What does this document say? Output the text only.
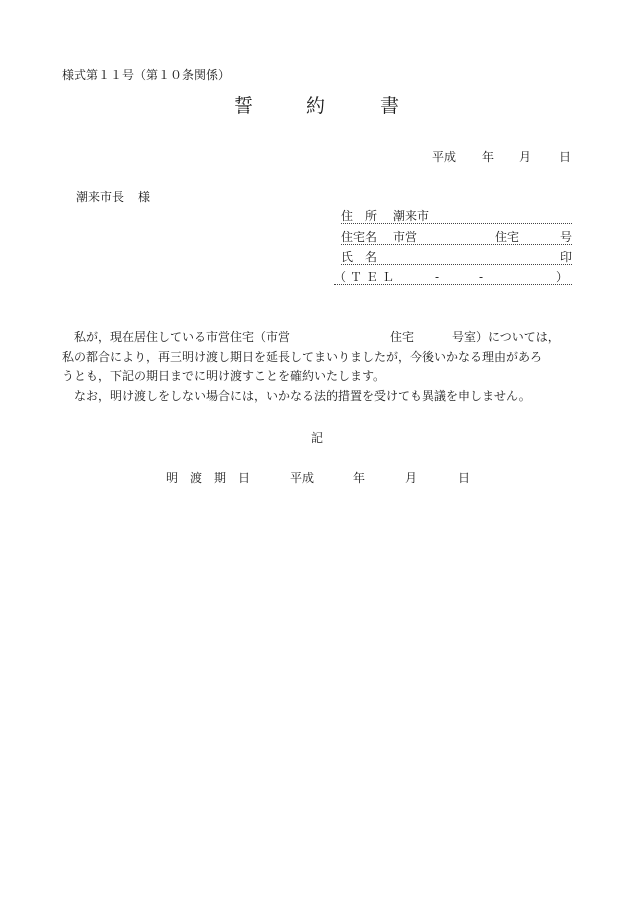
様式第１１号（第１０条関係）
誓	約	書
平成 年 月 日
潮来市長 様
住　所 潮来市
住宅名 市営	住宅	号
氏　名	印
（ＴＥＬ	-	-	）

私が，現在居住している市営住宅（市営	住宅	号室）については，

私の都合により，再三明け渡し期日を延長してまいりましたが，今後いかなる理由があろ

うとも，下記の期日までに明け渡すことを確約いたします。

なお，明け渡しをしない場合には，いかなる法的措置を受けても異議を申しません。

記
明 渡 期 日	平成	年	月	日
